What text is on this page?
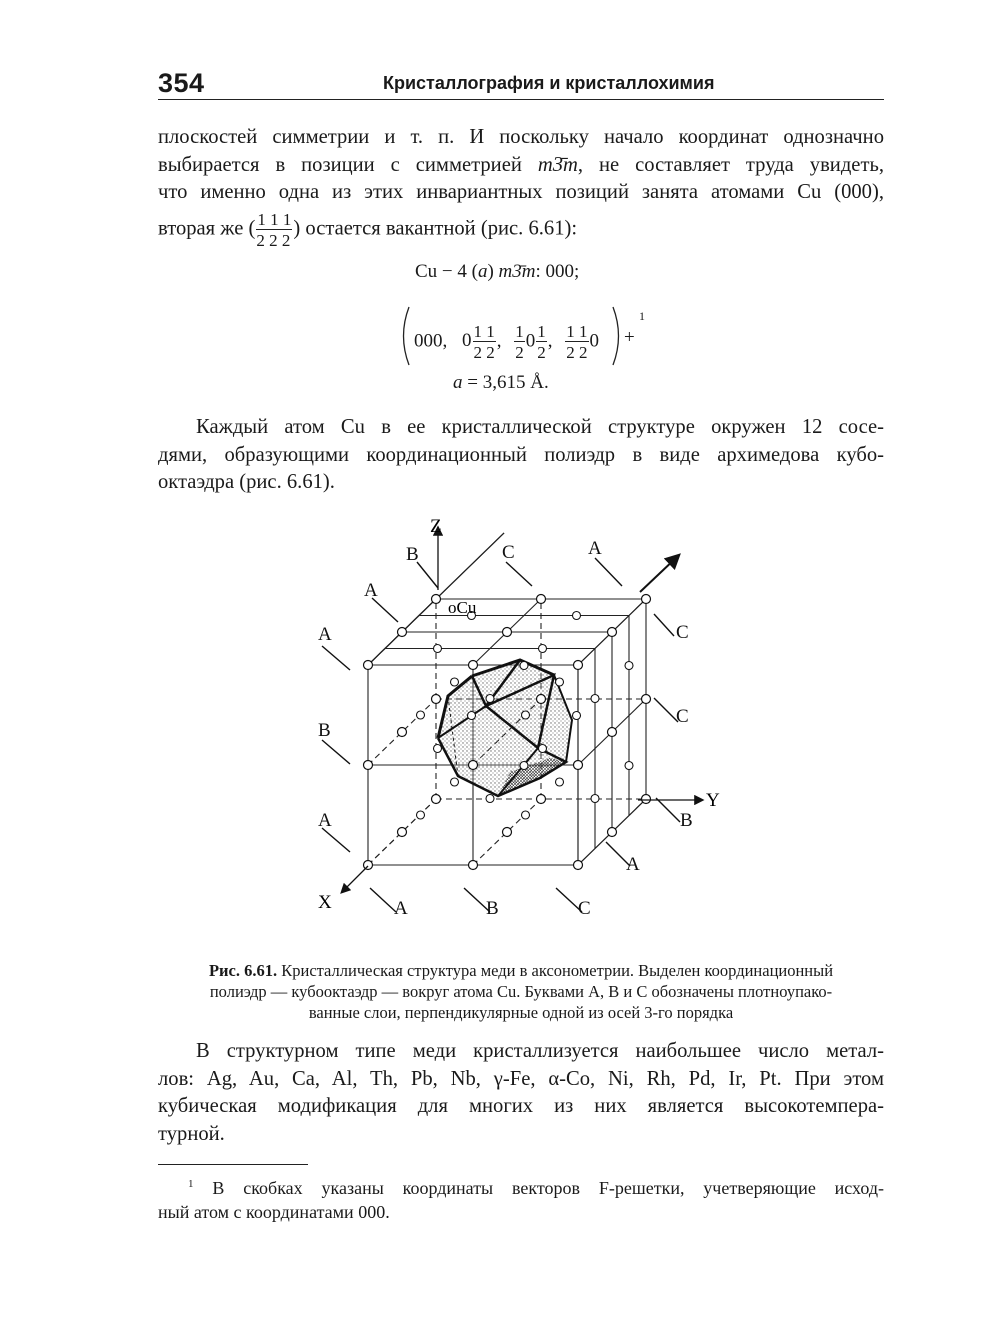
354	Кристаллография и кристаллохимия
плоскостей симметрии и т. п. И поскольку начало координат однозначно
выбирается в позиции с симметрией m3̄m, не составляет труда увидеть,
что именно одна из этих инвариантных позиций занята атомами Cu (000),
вторая же ( $\frac{1 1 1}{2 2 2}$ ) остается вакантной (рис. 6.61):
Cu − 4 (a) m3̄m: 000;
000, $0 \frac{1 1}{2 2}$ , $\frac{1}{2} 0 \frac{1}{2}$ , $\frac{1 1}{2 2} 0$ +
1
a = 3,615 Å.
Каждый атом Cu в ее кристаллической структуре окружен 12 сосе-
дями, образующими координационный полиэдр в виде архимедова кубо-
октаэдра (рис. 6.61).
Z
Y
X
oCu
B	C	A
A
C
A
C
B
B
A
A
A	B	C
Рис. 6.61. Кристаллическая структура меди в аксонометрии. Выделен координационный
полиэдр — кубооктаэдр — вокруг атома Cu. Буквами A, B и C обозначены плотноупако-
ванные слои, перпендикулярные одной из осей 3-го порядка
В структурном типе меди кристаллизуется наибольшее число метал-
лов: Ag, Au, Ca, Al, Th, Pb, Nb, γ-Fe, α-Co, Ni, Rh, Pd, Ir, Pt. При этом
кубическая модификация для многих из них является высокотемпера-
турной.
$^1$ В скобках указаны координаты векторов F-решетки, учетверяющие исход-
ный атом с координатами 000.
